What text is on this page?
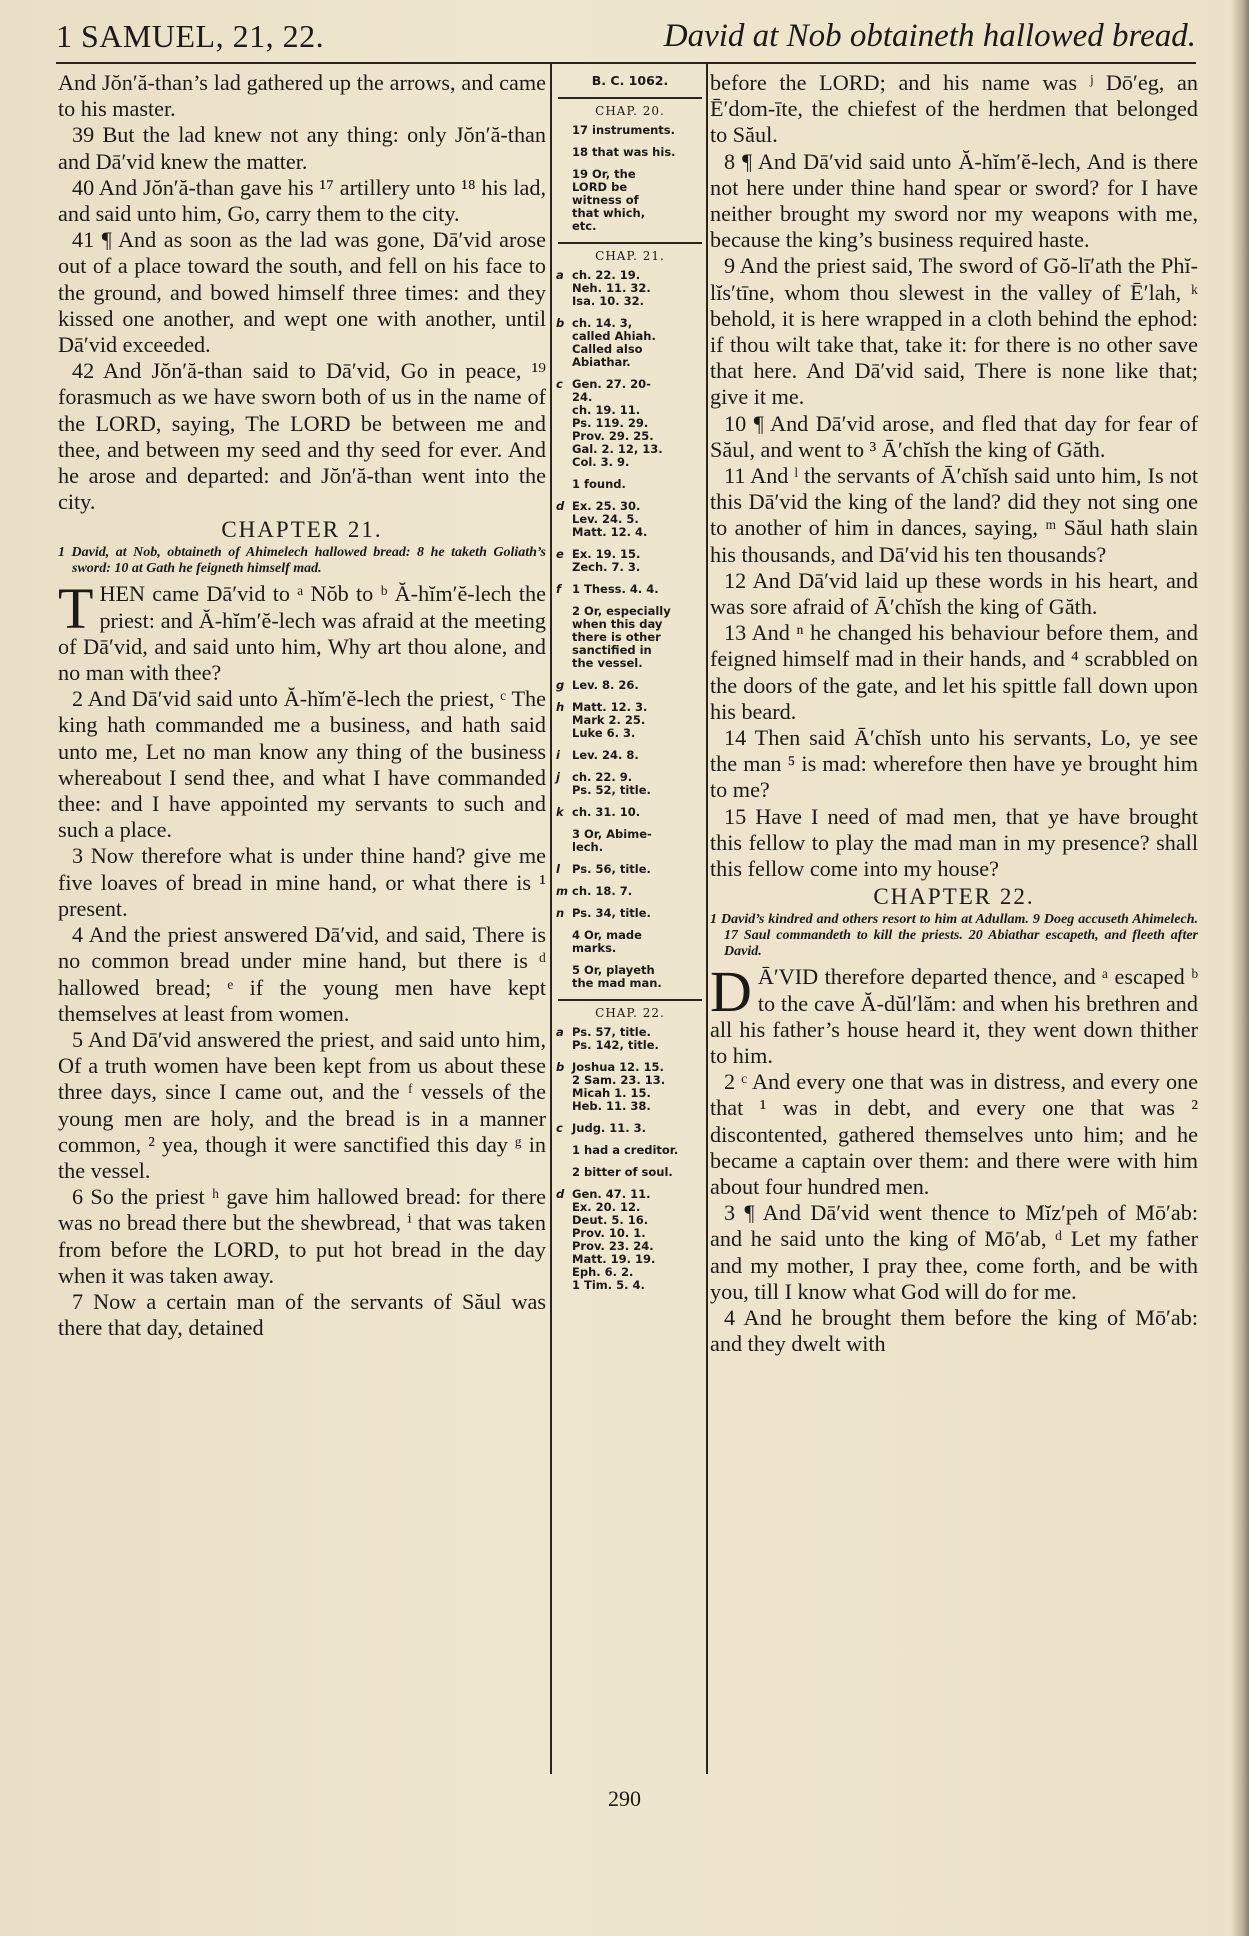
1 SAMUEL, 21, 22.	David at Nob obtaineth hallowed bread.

And Jŏn′ă-than’s lad gathered up the arrows, and came to his master.

39 But the lad knew not any thing: only Jŏn′ă-than and Dā′vid knew the matter.

40 And Jŏn′ă-than gave his ¹⁷ artillery unto ¹⁸ his lad, and said unto him, Go, carry them to the city.

41 ¶ And as soon as the lad was gone, Dā′vid arose out of a place toward the south, and fell on his face to the ground, and bowed himself three times: and they kissed one another, and wept one with another, until Dā′vid exceeded.

42 And Jŏn′ă-than said to Dā′vid, Go in peace, ¹⁹ forasmuch as we have sworn both of us in the name of the LORD, saying, The LORD be between me and thee, and between my seed and thy seed for ever. And he arose and departed: and Jŏn′ă-than went into the city.

CHAPTER 21.
1 David, at Nob, obtaineth of Ahimelech hallowed bread: 8 he taketh Goliath’s sword: 10 at Gath he feigneth himself mad.

THEN came Dā′vid to ᵃ Nŏb to ᵇ Ă-hĭm′ĕ-lech the priest: and Ă-hĭm′ĕ-lech was afraid at the meeting of Dā′vid, and said unto him, Why art thou alone, and no man with thee?

2 And Dā′vid said unto Ă-hĭm′ĕ-lech the priest, ᶜ The king hath commanded me a business, and hath said unto me, Let no man know any thing of the business whereabout I send thee, and what I have commanded thee: and I have appointed my servants to such and such a place.

3 Now therefore what is under thine hand? give me five loaves of bread in mine hand, or what there is ¹ present.

4 And the priest answered Dā′vid, and said, There is no common bread under mine hand, but there is ᵈ hallowed bread; ᵉ if the young men have kept themselves at least from women.

5 And Dā′vid answered the priest, and said unto him, Of a truth women have been kept from us about these three days, since I came out, and the ᶠ vessels of the young men are holy, and the bread is in a manner common, ² yea, though it were sanctified this day ᵍ in the vessel.

6 So the priest ʰ gave him hallowed bread: for there was no bread there but the shewbread, ⁱ that was taken from before the LORD, to put hot bread in the day when it was taken away.

7 Now a certain man of the servants of Săul was there that day, detained

B. C. 1062.
CHAP. 20.
17 instruments.
18 that was his.
19 Or, the
LORD be
witness of
that which,
etc.
CHAP. 21.
a ch. 22. 19.
Neh. 11. 32.
Isa. 10. 32.
b ch. 14. 3,
called Ahiah.
Called also
Abiathar.
c Gen. 27. 20-
24.
ch. 19. 11.
Ps. 119. 29.
Prov. 29. 25.
Gal. 2. 12, 13.
Col. 3. 9.
1 found.
d Ex. 25. 30.
Lev. 24. 5.
Matt. 12. 4.
e Ex. 19. 15.
Zech. 7. 3.
f 1 Thess. 4. 4.
2 Or, especially
when this day
there is other
sanctified in
the vessel.
g Lev. 8. 26.
h Matt. 12. 3.
Mark 2. 25.
Luke 6. 3.
i	Lev. 24. 8.
j	ch. 22. 9.
Ps. 52, title.
k ch. 31. 10.
3 Or, Abime-
lech.
l	Ps. 56, title.
m ch. 18. 7.
n Ps. 34, title.
4 Or, made
marks.
5 Or, playeth
the mad man.
CHAP. 22.
a Ps. 57, title.
Ps. 142, title.
b Joshua 12. 15.
2 Sam. 23. 13.
Micah 1. 15.
Heb. 11. 38.
c Judg. 11. 3.
1 had a creditor.
2 bitter of soul.
d Gen. 47. 11.
Ex. 20. 12.
Deut. 5. 16.
Prov. 10. 1.
Prov. 23. 24.
Matt. 19. 19.
Eph. 6. 2.
1 Tim. 5. 4.

before the LORD; and his name was ʲ Dō′eg, an Ē′dom-īte, the chiefest of the herdmen that belonged to Săul.

8 ¶ And Dā′vid said unto Ă-hĭm′ĕ-lech, And is there not here under thine hand spear or sword? for I have neither brought my sword nor my weapons with me, because the king’s business required haste.

9 And the priest said, The sword of Gŏ-lī′ath the Phĭ-lĭs′tīne, whom thou slewest in the valley of Ē′lah, ᵏ behold, it is here wrapped in a cloth behind the ephod: if thou wilt take that, take it: for there is no other save that here. And Dā′vid said, There is none like that; give it me.

10 ¶ And Dā′vid arose, and fled that day for fear of Săul, and went to ³ Ā′chĭsh the king of Găth.

11 And ˡ the servants of Ā′chĭsh said unto him, Is not this Dā′vid the king of the land? did they not sing one to another of him in dances, saying, ᵐ Săul hath slain his thousands, and Dā′vid his ten thousands?

12 And Dā′vid laid up these words in his heart, and was sore afraid of Ā′chĭsh the king of Găth.

13 And ⁿ he changed his behaviour before them, and feigned himself mad in their hands, and ⁴ scrabbled on the doors of the gate, and let his spittle fall down upon his beard.

14 Then said Ā′chĭsh unto his servants, Lo, ye see the man ⁵ is mad: wherefore then have ye brought him to me?

15 Have I need of mad men, that ye have brought this fellow to play the mad man in my presence? shall this fellow come into my house?

CHAPTER 22.
1 David’s kindred and others resort to him at Adullam. 9 Doeg accuseth Ahimelech. 17 Saul commandeth to kill the priests. 20 Abiathar escapeth, and fleeth after David.

D Ā′VID therefore departed thence, and ᵃ escaped ᵇ to the cave Ă-dŭl′lăm: and when his brethren and all his father’s house heard it, they went down thither to him.

2 ᶜ And every one that was in distress, and every one that ¹ was in debt, and every one that was ² discontented, gathered themselves unto him; and he became a captain over them: and there were with him about four hundred men.

3 ¶ And Dā′vid went thence to Mĭz′peh of Mō′ab: and he said unto the king of Mō′ab, ᵈ Let my father and my mother, I pray thee, come forth, and be with you, till I know what God will do for me.

4 And he brought them before the king of Mō′ab: and they dwelt with

290
